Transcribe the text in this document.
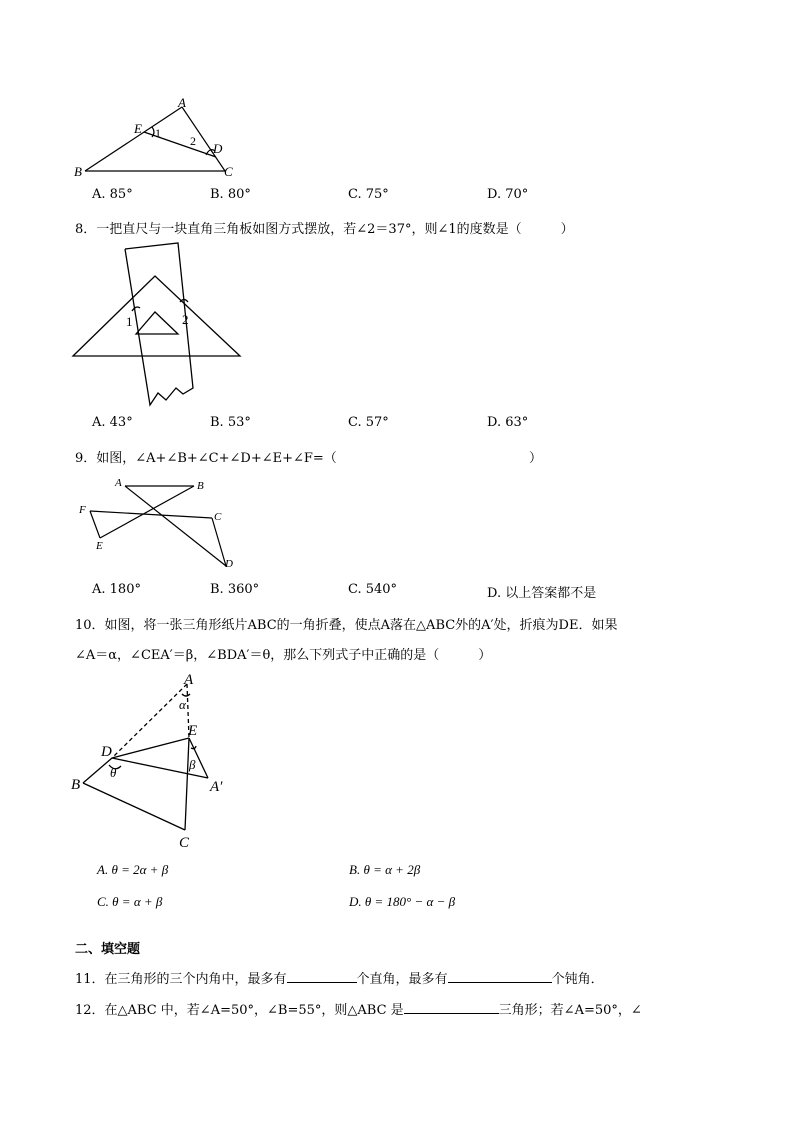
A
E 1
2 D
B	C
A. 85°	B. 80°	C. 75°	D. 70°
8．一把直尺与一块直角三角板如图方式摆放，若∠2＝37°，则∠1的度数是（　　　）
1	2
A. 43°	B. 53°	C. 57°	D. 63°
9．如图，∠A+∠B+∠C+∠D+∠E+∠F=（	）
A	B
C
D
E
F
A. 180°	B. 360°	C. 540°	D. 以上答案都不是
10．如图，将一张三角形纸片ABC的一角折叠，使点A落在△ABC外的A′处，折痕为DE．如果
∠A＝α，∠CEA′＝β，∠BDA′＝θ，那么下列式子中正确的是（　　　）
A
α
E
D
θ
β
A′
B
C
A. θ = 2α + β	B. θ = α + 2β
C. θ = α + β	D. θ = 180° − α − β
二、填空题
11．在三角形的三个内角中，最多有	个直角，最多有	个钝角．
12．在△ABC 中，若∠A=50°，∠B=55°，则△ABC 是	三角形；若∠A=50°，∠
